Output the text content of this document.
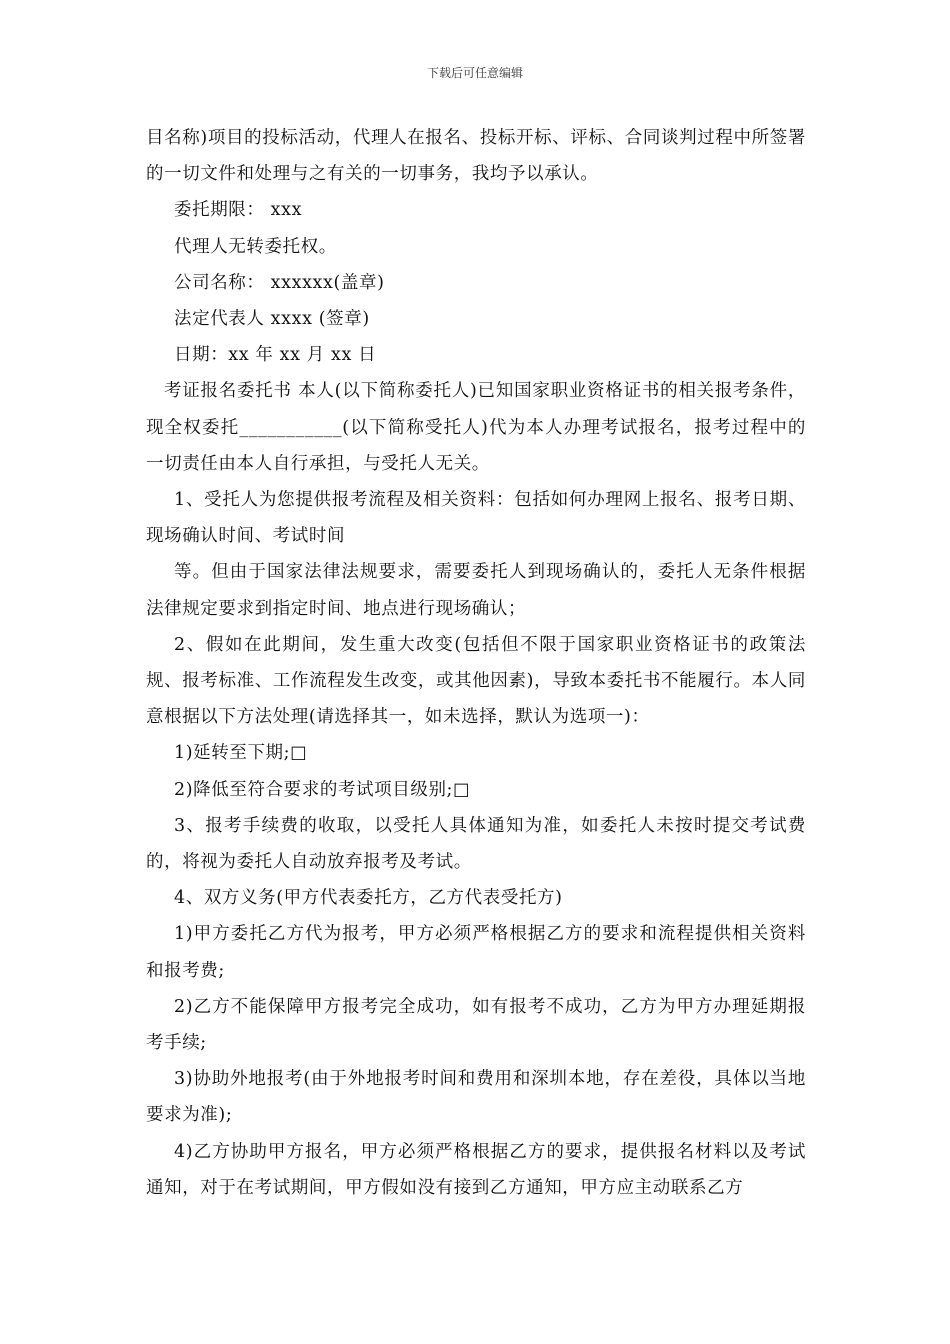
下载后可任意编辑

目名称)项目的投标活动，代理人在报名、投标开标、评标、合同谈判过程中所签署的一切文件和处理与之有关的一切事务，我均予以承认。

委托期限： xxx

代理人无转委托权。

公司名称： xxxxxx(盖章)

法定代表人 xxxx (签章)

日期：xx 年 xx 月 xx 日

考证报名委托书 本人(以下简称委托人)已知国家职业资格证书的相关报考条件，现全权委托___________(以下简称受托人)代为本人办理考试报名，报考过程中的一切责任由本人自行承担，与受托人无关。

1、受托人为您提供报考流程及相关资料：包括如何办理网上报名、报考日期、现场确认时间、考试时间

等。但由于国家法律法规要求，需要委托人到现场确认的，委托人无条件根据法律规定要求到指定时间、地点进行现场确认；

2、假如在此期间，发生重大改变(包括但不限于国家职业资格证书的政策法规、报考标准、工作流程发生改变，或其他因素)，导致本委托书不能履行。本人同意根据以下方法处理(请选择其一，如未选择，默认为选项一)：

1)延转至下期;□

2)降低至符合要求的考试项目级别;□

3、报考手续费的收取，以受托人具体通知为准，如委托人未按时提交考试费的，将视为委托人自动放弃报考及考试。

4、双方义务(甲方代表委托方，乙方代表受托方)

1)甲方委托乙方代为报考，甲方必须严格根据乙方的要求和流程提供相关资料和报考费;

2)乙方不能保障甲方报考完全成功，如有报考不成功，乙方为甲方办理延期报考手续;

3)协助外地报考(由于外地报考时间和费用和深圳本地，存在差役，具体以当地要求为准);

4)乙方协助甲方报名，甲方必须严格根据乙方的要求，提供报名材料以及考试通知，对于在考试期间，甲方假如没有接到乙方通知，甲方应主动联系乙方
